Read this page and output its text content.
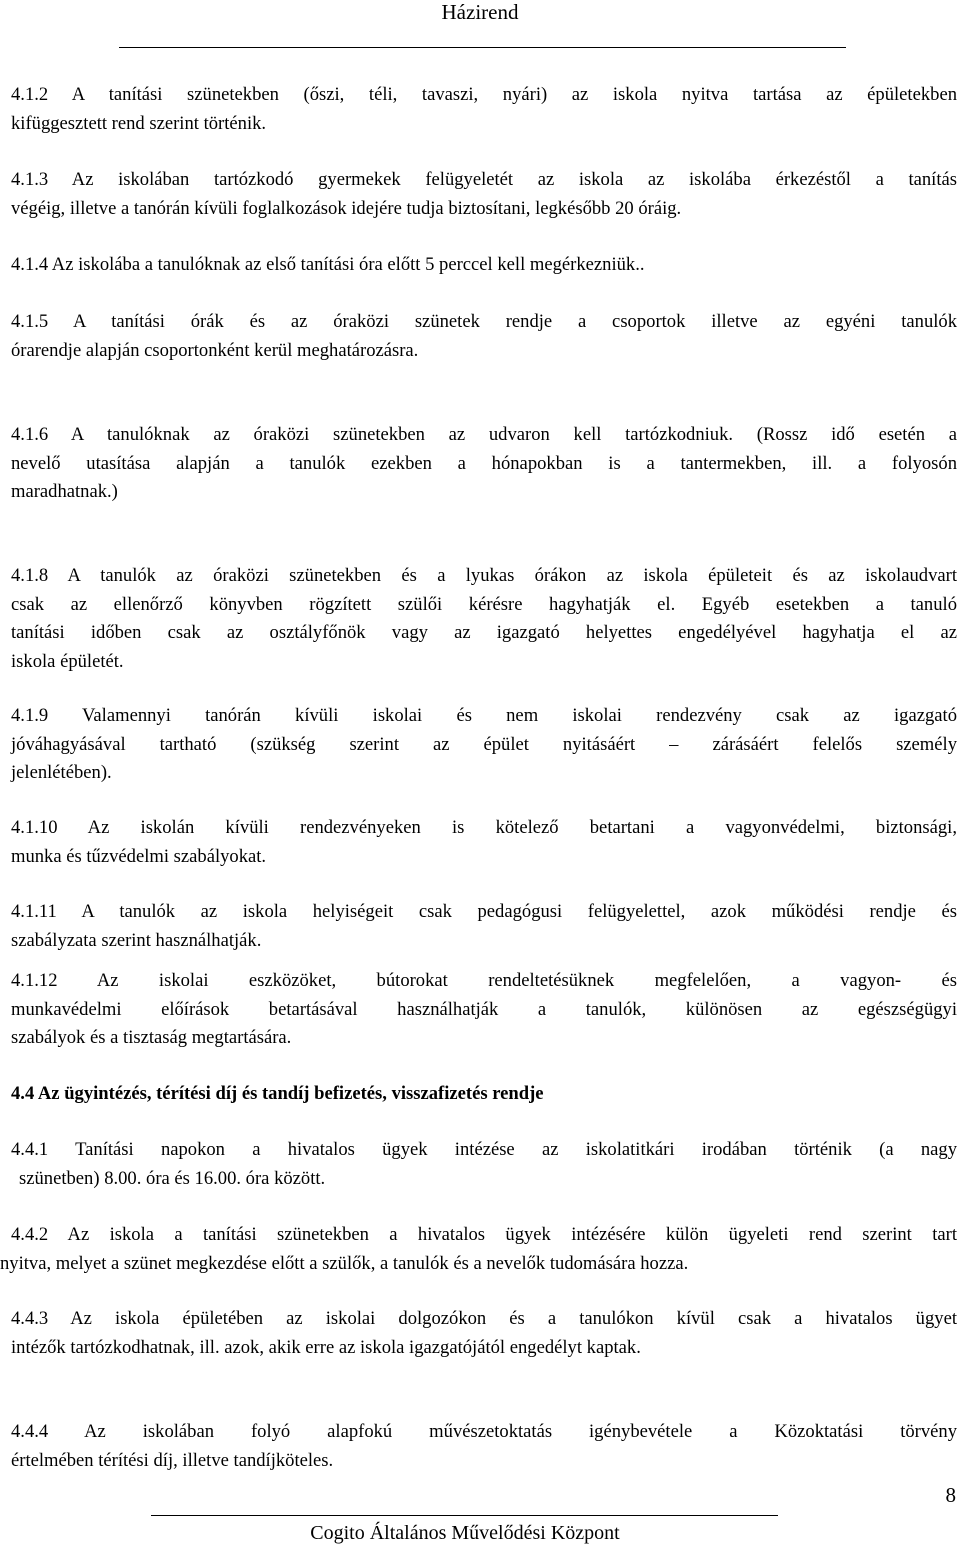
Házirend

4.1.2 A tanítási szünetekben (őszi, téli, tavaszi, nyári) az iskola nyitva tartása az épületekben
kifüggesztett rend szerint történik.

4.1.3 Az iskolában tartózkodó gyermekek felügyeletét az iskola az iskolába érkezéstől a tanítás
végéig, illetve a tanórán kívüli foglalkozások idejére tudja biztosítani, legkésőbb 20 óráig.

4.1.4 Az iskolába a tanulóknak az első tanítási óra előtt 5 perccel kell megérkezniük..

4.1.5 A tanítási órák és az óraközi szünetek rendje a csoportok illetve az egyéni tanulók
órarendje alapján csoportonként kerül meghatározásra.

4.1.6 A tanulóknak az óraközi szünetekben az udvaron kell tartózkodniuk. (Rossz idő esetén a
nevelő utasítása alapján a tanulók ezekben a hónapokban is a tantermekben, ill. a folyosón
maradhatnak.)

4.1.8 A tanulók az óraközi szünetekben és a lyukas órákon az iskola épületeit és az iskolaudvart
csak az ellenőrző könyvben rögzített szülői kérésre hagyhatják el. Egyéb esetekben a tanuló
tanítási időben csak az osztályfőnök vagy az igazgató helyettes engedélyével hagyhatja el az
iskola épületét.

4.1.9 Valamennyi tanórán kívüli iskolai és nem iskolai rendezvény csak az igazgató
jóváhagyásával tartható (szükség szerint az épület nyitásáért – zárásáért felelős személy
jelenlétében).

4.1.10 Az iskolán kívüli rendezvényeken is kötelező betartani a vagyonvédelmi, biztonsági,
munka és tűzvédelmi szabályokat.

4.1.11 A tanulók az iskola helyiségeit csak pedagógusi felügyelettel, azok működési rendje és
szabályzata szerint használhatják.

4.1.12 Az iskolai eszközöket, bútorokat rendeltetésüknek megfelelően, a vagyon- és
munkavédelmi előírások betartásával használhatják a tanulók, különösen az egészségügyi
szabályok és a tisztaság megtartására.

4.4 Az ügyintézés, térítési díj és tandíj befizetés, visszafizetés rendje

4.4.1 Tanítási napokon a hivatalos ügyek intézése az iskolatitkári irodában történik (a nagy
szünetben) 8.00. óra és 16.00. óra között.

4.4.2 Az iskola a tanítási szünetekben a hivatalos ügyek intézésére külön ügyeleti rend szerint tart
nyitva, melyet a szünet megkezdése előtt a szülők, a tanulók és a nevelők tudomására hozza.

4.4.3 Az iskola épületében az iskolai dolgozókon és a tanulókon kívül csak a hivatalos ügyet
intézők tartózkodhatnak, ill. azok, akik erre az iskola igazgatójától engedélyt kaptak.

4.4.4 Az iskolában folyó alapfokú művészetoktatás igénybevétele a Közoktatási törvény
értelmében térítési díj, illetve tandíjköteles.

8
Cogito Általános Művelődési Központ
